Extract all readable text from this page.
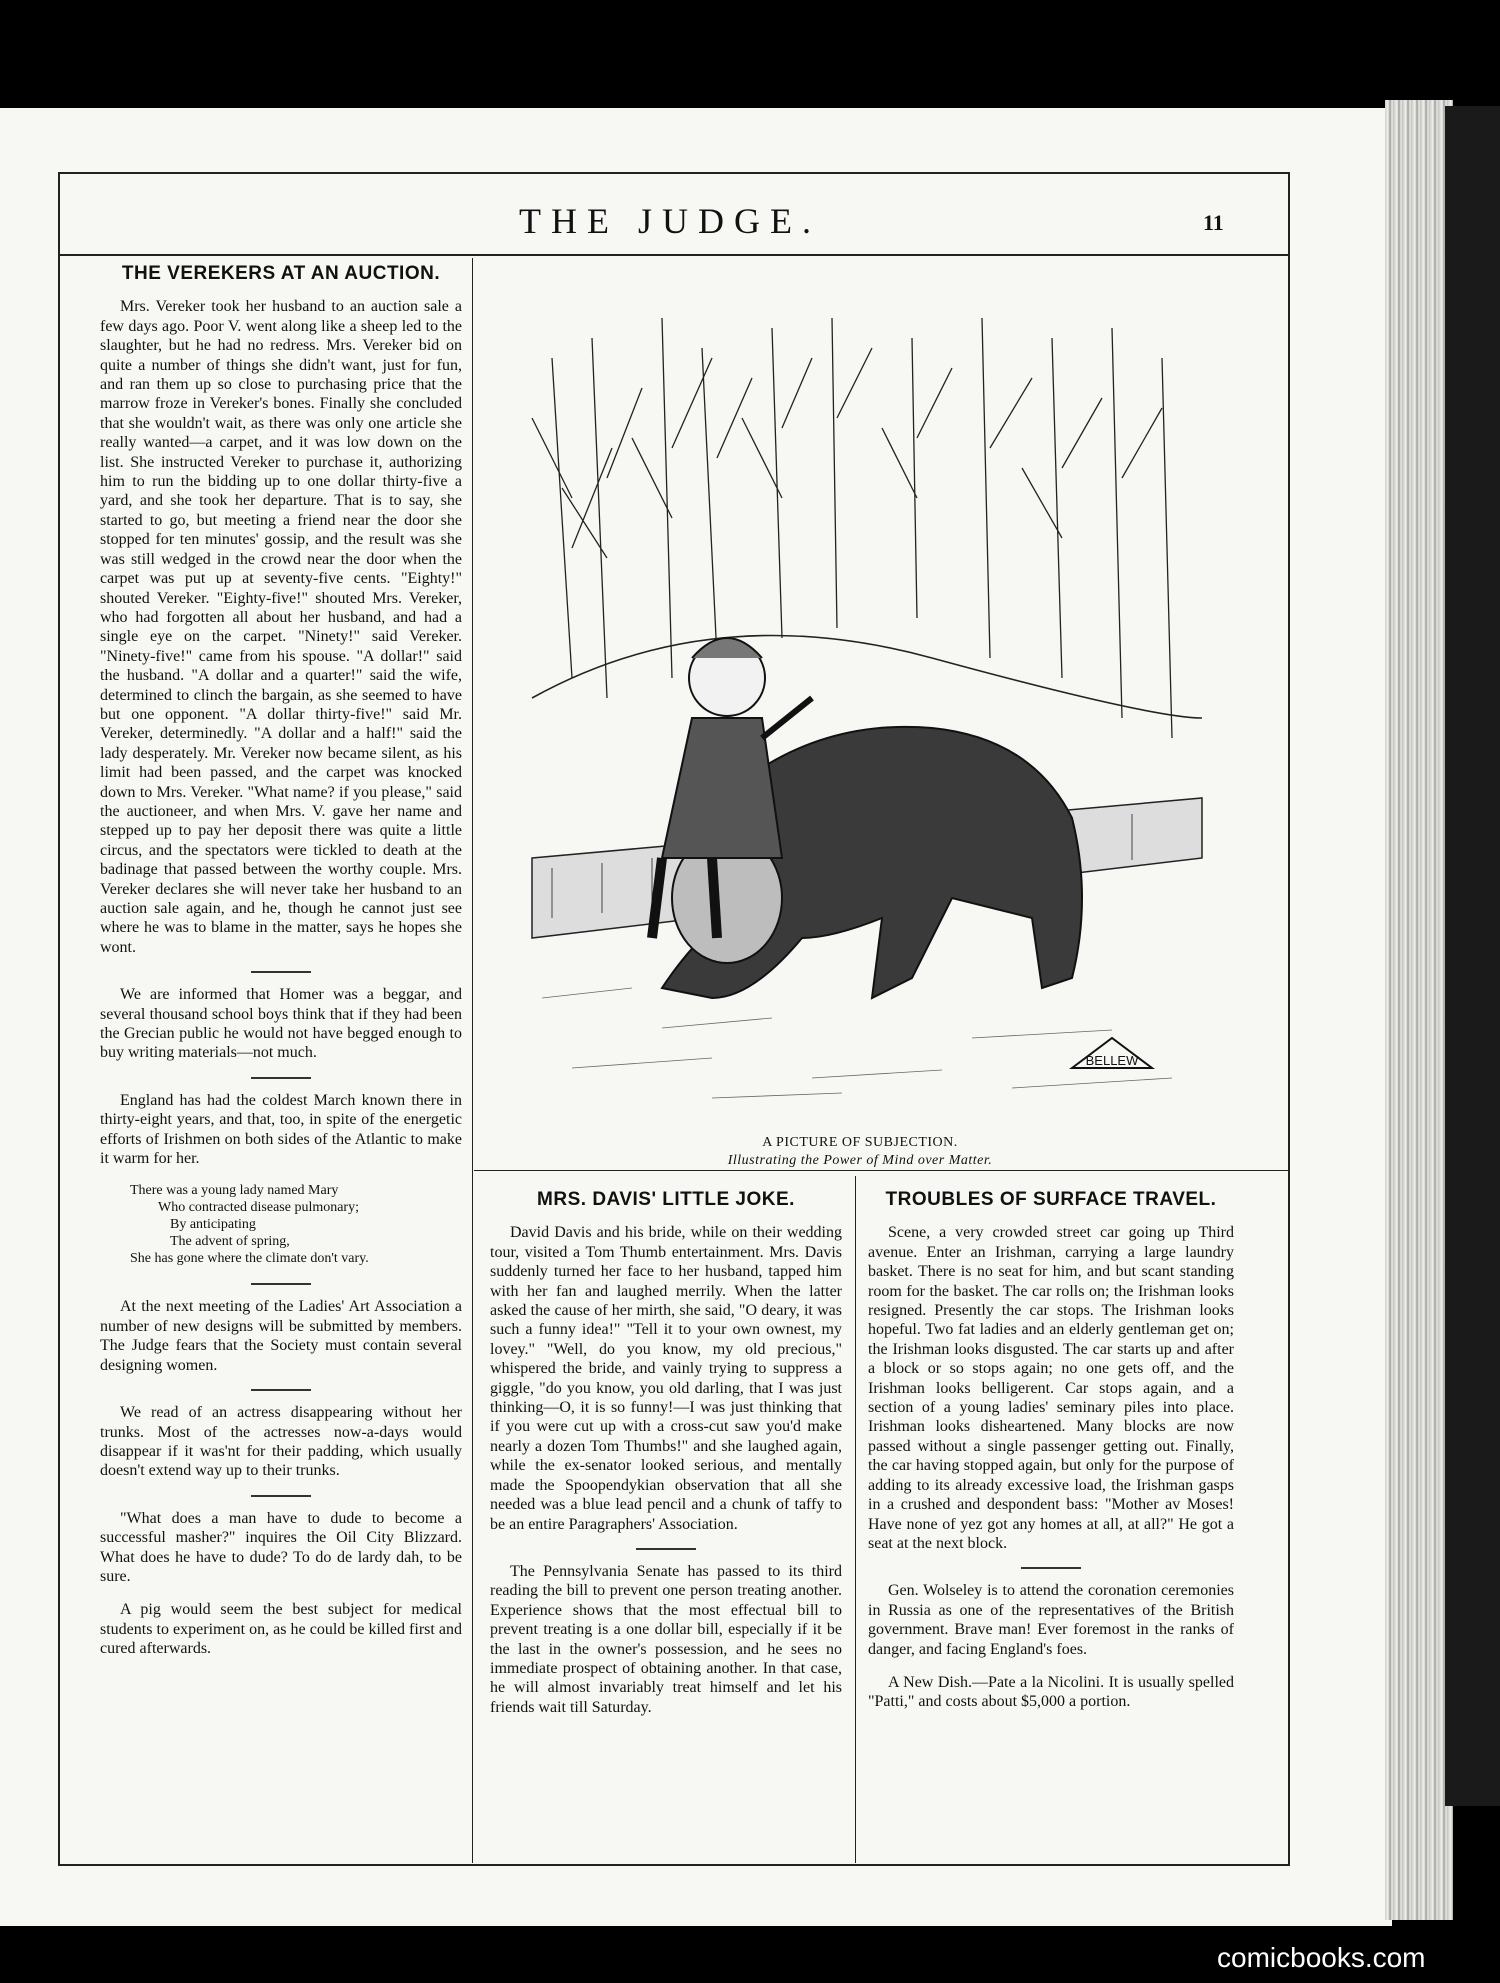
THE JUDGE.	11
THE VEREKERS AT AN AUCTION.

Mrs. Vereker took her husband to an auction sale a few days ago. Poor V. went along like a sheep led to the slaughter, but he had no redress. Mrs. Vereker bid on quite a number of things she didn't want, just for fun, and ran them up so close to purchasing price that the marrow froze in Vereker's bones. Finally she concluded that she wouldn't wait, as there was only one article she really wanted—a carpet, and it was low down on the list. She instructed Vereker to purchase it, authorizing him to run the bidding up to one dollar thirty-five a yard, and she took her departure. That is to say, she started to go, but meeting a friend near the door she stopped for ten minutes' gossip, and the result was she was still wedged in the crowd near the door when the carpet was put up at seventy-five cents. "Eighty!" shouted Vereker. "Eighty-five!" shouted Mrs. Vereker, who had forgotten all about her husband, and had a single eye on the carpet. "Ninety!" said Vereker. "Ninety-five!" came from his spouse. "A dollar!" said the husband. "A dollar and a quarter!" said the wife, determined to clinch the bargain, as she seemed to have but one opponent. "A dollar thirty-five!" said Mr. Vereker, determinedly. "A dollar and a half!" said the lady desperately. Mr. Vereker now became silent, as his limit had been passed, and the carpet was knocked down to Mrs. Vereker. "What name? if you please," said the auctioneer, and when Mrs. V. gave her name and stepped up to pay her deposit there was quite a little circus, and the spectators were tickled to death at the badinage that passed between the worthy couple. Mrs. Vereker declares she will never take her husband to an auction sale again, and he, though he cannot just see where he was to blame in the matter, says he hopes she wont.

We are informed that Homer was a beggar, and several thousand school boys think that if they had been the Grecian public he would not have begged enough to buy writing materials—not much.

England has had the coldest March known there in thirty-eight years, and that, too, in spite of the energetic efforts of Irishmen on both sides of the Atlantic to make it warm for her.

There was a young lady named Mary
Who contracted disease pulmonary;
By anticipating
The advent of spring,
She has gone where the climate don't vary.

At the next meeting of the Ladies' Art Association a number of new designs will be submitted by members. The Judge fears that the Society must contain several designing women.

We read of an actress disappearing without her trunks. Most of the actresses now-a-days would disappear if it was'nt for their padding, which usually doesn't extend way up to their trunks.

"What does a man have to dude to become a successful masher?" inquires the Oil City Blizzard. What does he have to dude? To do de lardy dah, to be sure.

A pig would seem the best subject for medical students to experiment on, as he could be killed first and cured afterwards.

BELLEW
A PICTURE OF SUBJECTION.
Illustrating the Power of Mind over Matter.
MRS. DAVIS' LITTLE JOKE.

David Davis and his bride, while on their wedding tour, visited a Tom Thumb entertainment. Mrs. Davis suddenly turned her face to her husband, tapped him with her fan and laughed merrily. When the latter asked the cause of her mirth, she said, "O deary, it was such a funny idea!" "Tell it to your own ownest, my lovey." "Well, do you know, my old precious," whispered the bride, and vainly trying to suppress a giggle, "do you know, you old darling, that I was just thinking—O, it is so funny!—I was just thinking that if you were cut up with a cross-cut saw you'd make nearly a dozen Tom Thumbs!" and she laughed again, while the ex-senator looked serious, and mentally made the Spoopendykian observation that all she needed was a blue lead pencil and a chunk of taffy to be an entire Paragraphers' Association.

The Pennsylvania Senate has passed to its third reading the bill to prevent one person treating another. Experience shows that the most effectual bill to prevent treating is a one dollar bill, especially if it be the last in the owner's possession, and he sees no immediate prospect of obtaining another. In that case, he will almost invariably treat himself and let his friends wait till Saturday.

TROUBLES OF SURFACE TRAVEL.

Scene, a very crowded street car going up Third avenue. Enter an Irishman, carrying a large laundry basket. There is no seat for him, and but scant standing room for the basket. The car rolls on; the Irishman looks resigned. Presently the car stops. The Irishman looks hopeful. Two fat ladies and an elderly gentleman get on; the Irishman looks disgusted. The car starts up and after a block or so stops again; no one gets off, and the Irishman looks belligerent. Car stops again, and a section of a young ladies' seminary piles into place. Irishman looks disheartened. Many blocks are now passed without a single passenger getting out. Finally, the car having stopped again, but only for the purpose of adding to its already excessive load, the Irishman gasps in a crushed and despondent bass: "Mother av Moses! Have none of yez got any homes at all, at all?" He got a seat at the next block.

Gen. Wolseley is to attend the coronation ceremonies in Russia as one of the representatives of the British government. Brave man! Ever foremost in the ranks of danger, and facing England's foes.

A New Dish.—Pate a la Nicolini. It is usually spelled "Patti," and costs about $5,000 a portion.

comicbooks.com
